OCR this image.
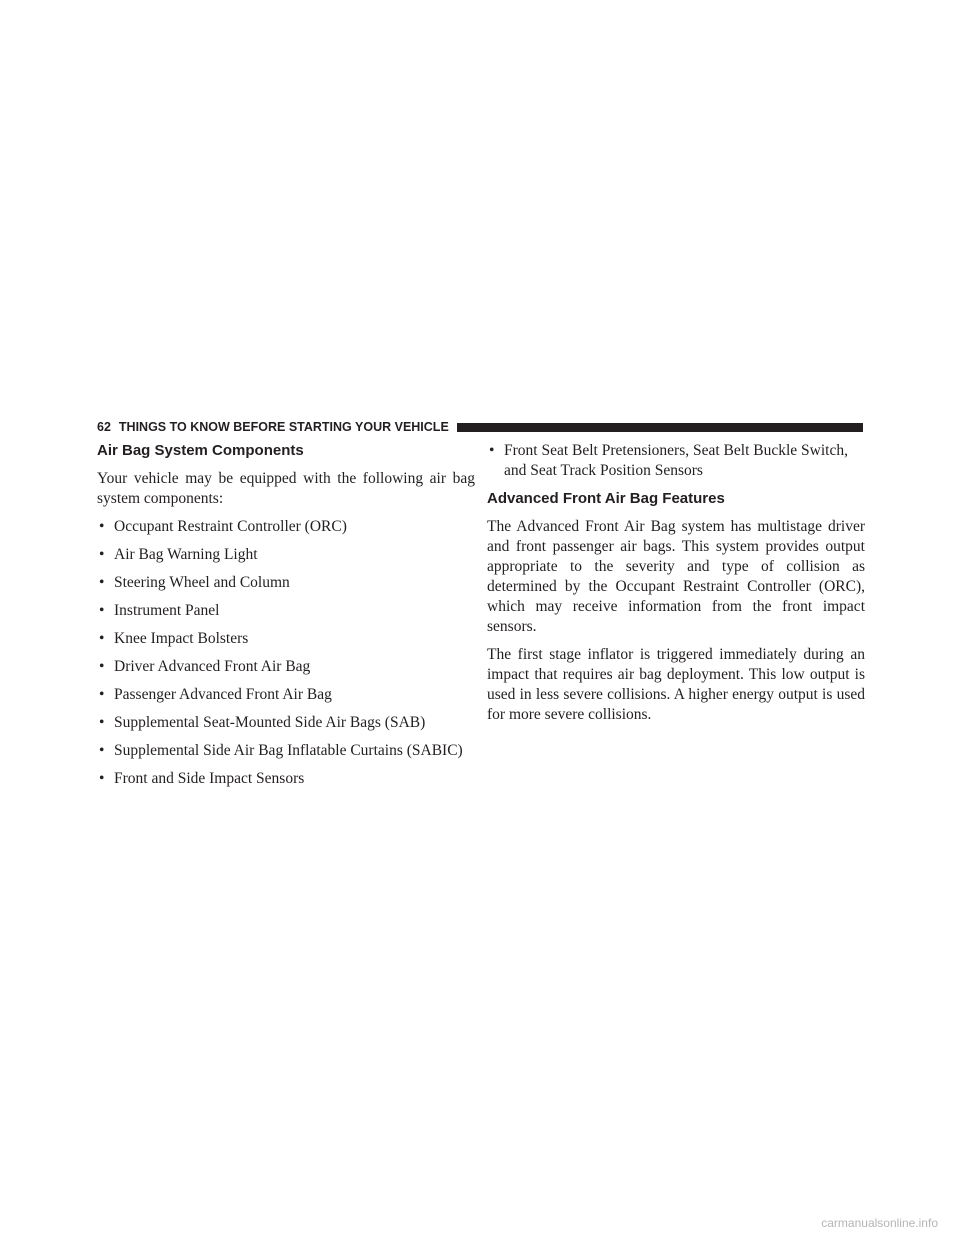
62 THINGS TO KNOW BEFORE STARTING YOUR VEHICLE
Air Bag System Components

Your vehicle may be equipped with the following air bag system components:

• Occupant Restraint Controller (ORC)
• Air Bag Warning Light
• Steering Wheel and Column
• Instrument Panel
• Knee Impact Bolsters
• Driver Advanced Front Air Bag
• Passenger Advanced Front Air Bag
• Supplemental Seat-Mounted Side Air Bags (SAB)
• Supplemental Side Air Bag Inflatable Curtains (SABIC)
• Front and Side Impact Sensors
• Front Seat Belt Pretensioners, Seat Belt Buckle Switch, and Seat Track Position Sensors
Advanced Front Air Bag Features

The Advanced Front Air Bag system has multistage driver and front passenger air bags. This system provides output appropriate to the severity and type of collision as determined by the Occupant Restraint Controller (ORC), which may receive information from the front impact sensors.

The first stage inflator is triggered immediately during an impact that requires air bag deployment. This low output is used in less severe collisions. A higher energy output is used for more severe collisions.

carmanualsonline.info
